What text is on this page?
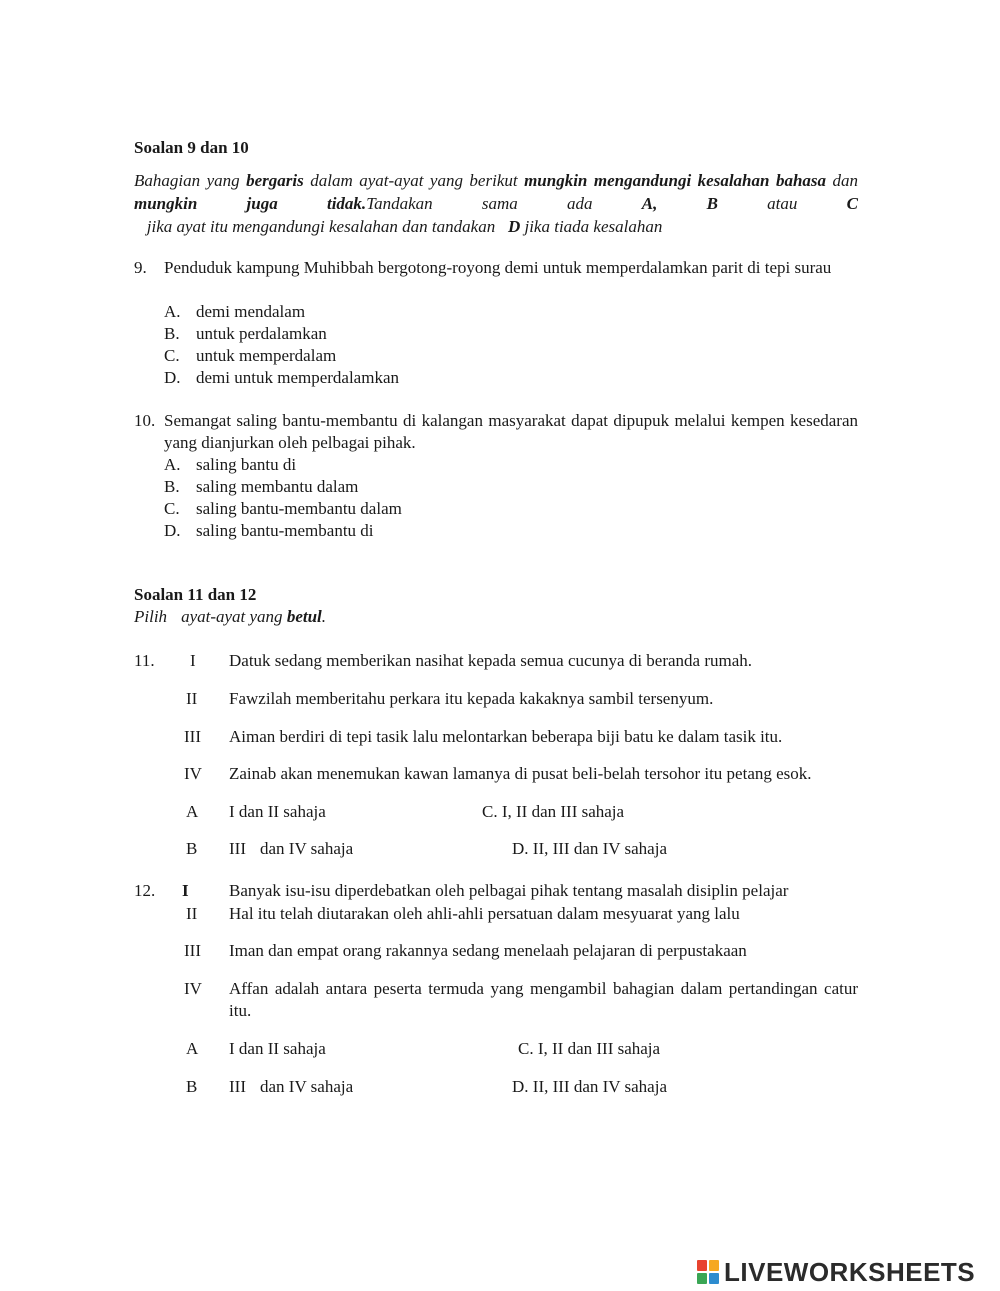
Soalan 9 dan 10
Bahagian yang bergaris dalam ayat-ayat yang berikut mungkin mengandungi kesalahan bahasa dan mungkin juga tidak.Tandakan sama ada A, B atau C   jika ayat itu mengandungi kesalahan dan tandakan   D jika tiada kesalahan
9. Penduduk kampung Muhibbah bergotong-royong demi untuk memperdalamkan parit di tepi surau
A. demi mendalam
B. untuk perdalamkan
C. untuk memperdalam
D. demi untuk memperdalamkan
10. Semangat saling bantu-membantu di kalangan masyarakat dapat dipupuk melalui kempen kesedaran yang dianjurkan oleh pelbagai pihak.
A. saling bantu di
B. saling membantu dalam
C. saling bantu-membantu dalam
D. saling bantu-membantu di
Soalan 11 dan 12
Pilih ayat-ayat yang betul.
11. I Datuk sedang memberikan nasihat kepada semua cucunya di beranda rumah.
II Fawzilah memberitahu perkara itu kepada kakaknya sambil tersenyum.
III Aiman berdiri di tepi tasik lalu melontarkan beberapa biji batu ke dalam tasik itu.
IV Zainab akan menemukan kawan lamanya di pusat beli-belah tersohor itu petang esok.
A I dan II sahaja	C. I, II dan III sahaja
B III dan IV sahaja	D. II, III dan IV sahaja
12. I Banyak isu-isu diperdebatkan oleh pelbagai pihak tentang masalah disiplin pelajar
II Hal itu telah diutarakan oleh ahli-ahli persatuan dalam mesyuarat yang lalu
III Iman dan empat orang rakannya sedang menelaah pelajaran di perpustakaan
IV Affan adalah antara peserta termuda yang mengambil bahagian dalam pertandingan catur itu.
A I dan II sahaja	C. I, II dan III sahaja
B III dan IV sahaja	D. II, III dan IV sahaja
LIVEWORKSHEETS
